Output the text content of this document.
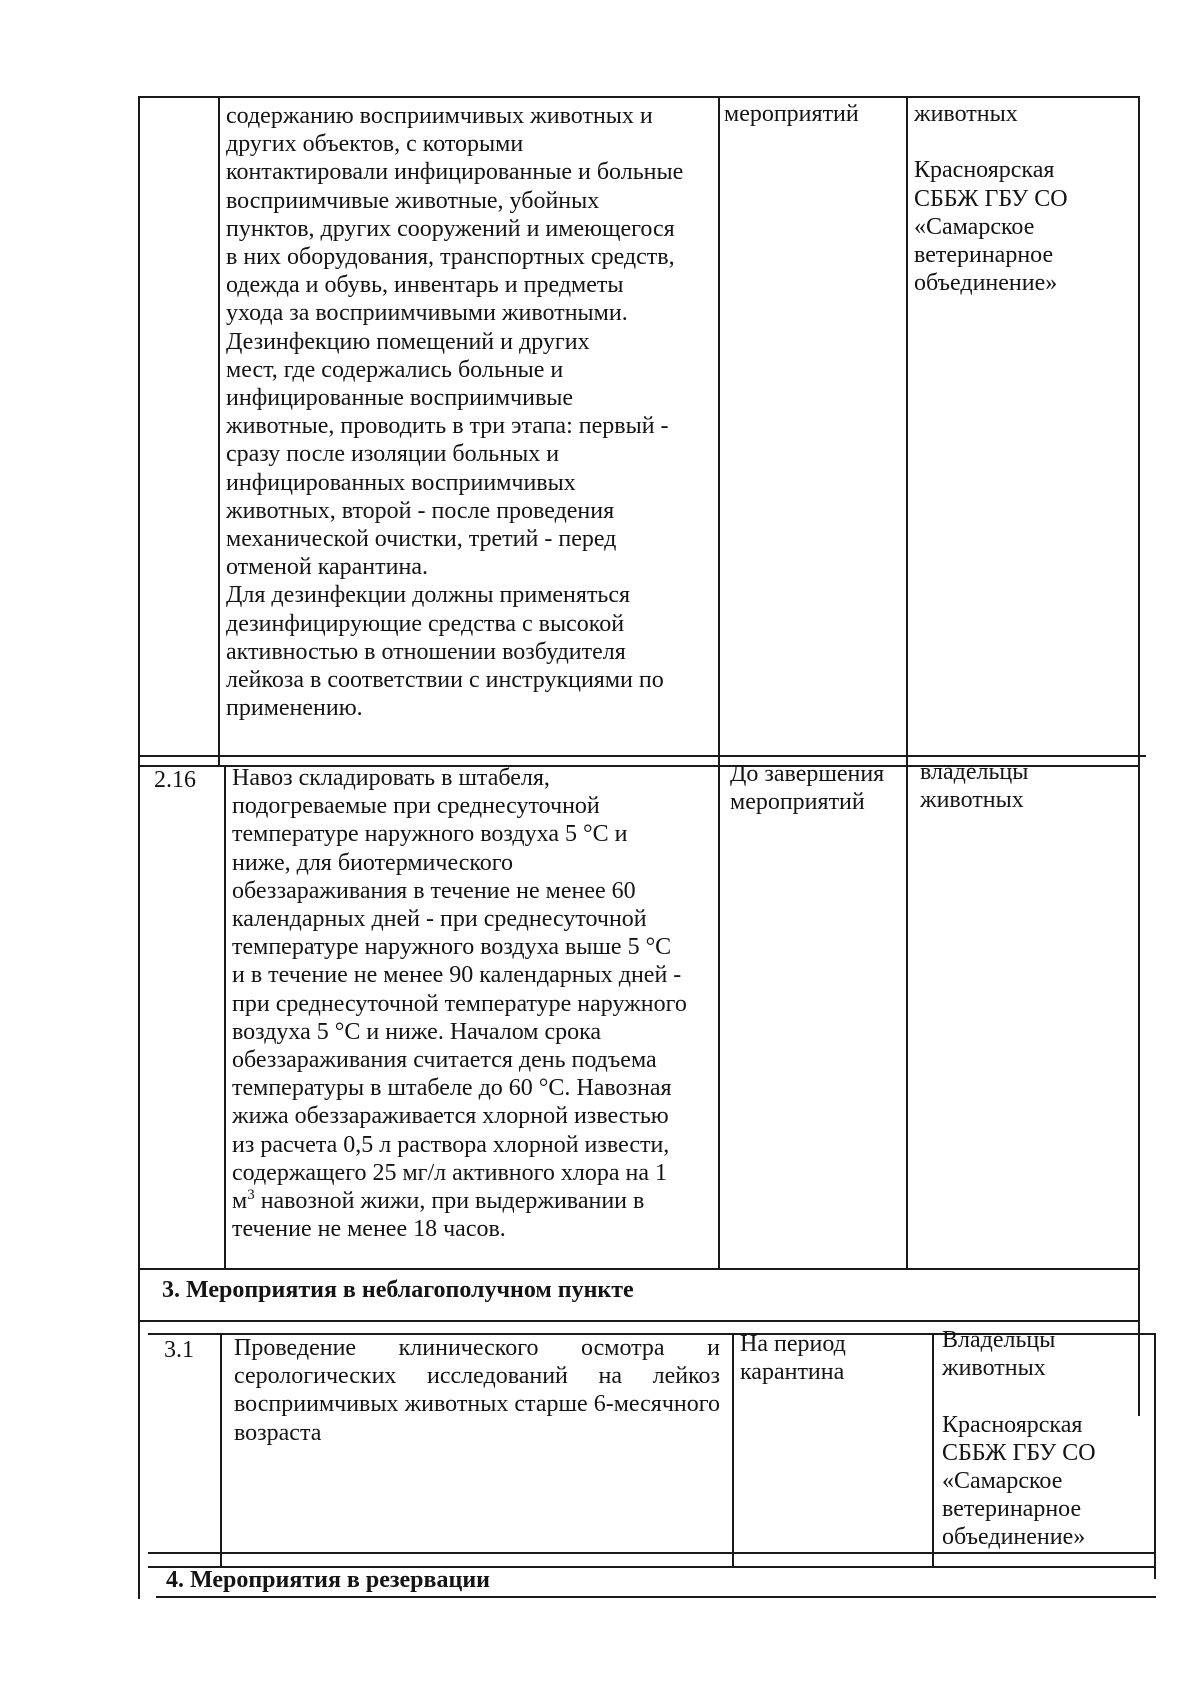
содержанию восприимчивых животных и
других объектов, с которыми
контактировали инфицированные и больные
восприимчивые животные, убойных
пунктов, других сооружений и имеющегося
в них оборудования, транспортных средств,
одежда и обувь, инвентарь и предметы
ухода за восприимчивыми животными.
Дезинфекцию помещений и других
мест, где содержались больные и
инфицированные восприимчивые
животные, проводить в три этапа: первый -
сразу после изоляции больных и
инфицированных восприимчивых
животных, второй - после проведения
механической очистки, третий - перед
отменой карантина.
Для дезинфекции должны применяться
дезинфицирующие средства с высокой
активностью в отношении возбудителя
лейкоза в соответствии с инструкциями по
применению.

мероприятий	животных

Красноярская
СББЖ ГБУ СО
«Самарское
ветеринарное
объединение»

2.16 Навоз складировать в штабеля,
подогреваемые при среднесуточной
температуре наружного воздуха 5 °С и
ниже, для биотермического
обеззараживания в течение не менее 60
календарных дней - при среднесуточной
температуре наружного воздуха выше 5 °С
и в течение не менее 90 календарных дней -
при среднесуточной температуре наружного
воздуха 5 °С и ниже. Началом срока
обеззараживания считается день подъема
температуры в штабеле до 60 °С. Навозная
жижа обеззараживается хлорной известью
из расчета 0,5 л раствора хлорной извести,
содержащего 25 мг/л активного хлора на 1
$м^3$ навозной жижи, при выдерживании в
течение не менее 18 часов.

До завершения
мероприятий

владельцы
животных

3. Мероприятия в неблагополучном пункте

3.1 Проведение клинического осмотра и серологических исследований на лейкоз восприимчивых животных старше 6-месячного возраста

На период
карантина

Владельцы
животных

Красноярская
СББЖ ГБУ СО
«Самарское
ветеринарное
объединение»

4. Мероприятия в резервации
